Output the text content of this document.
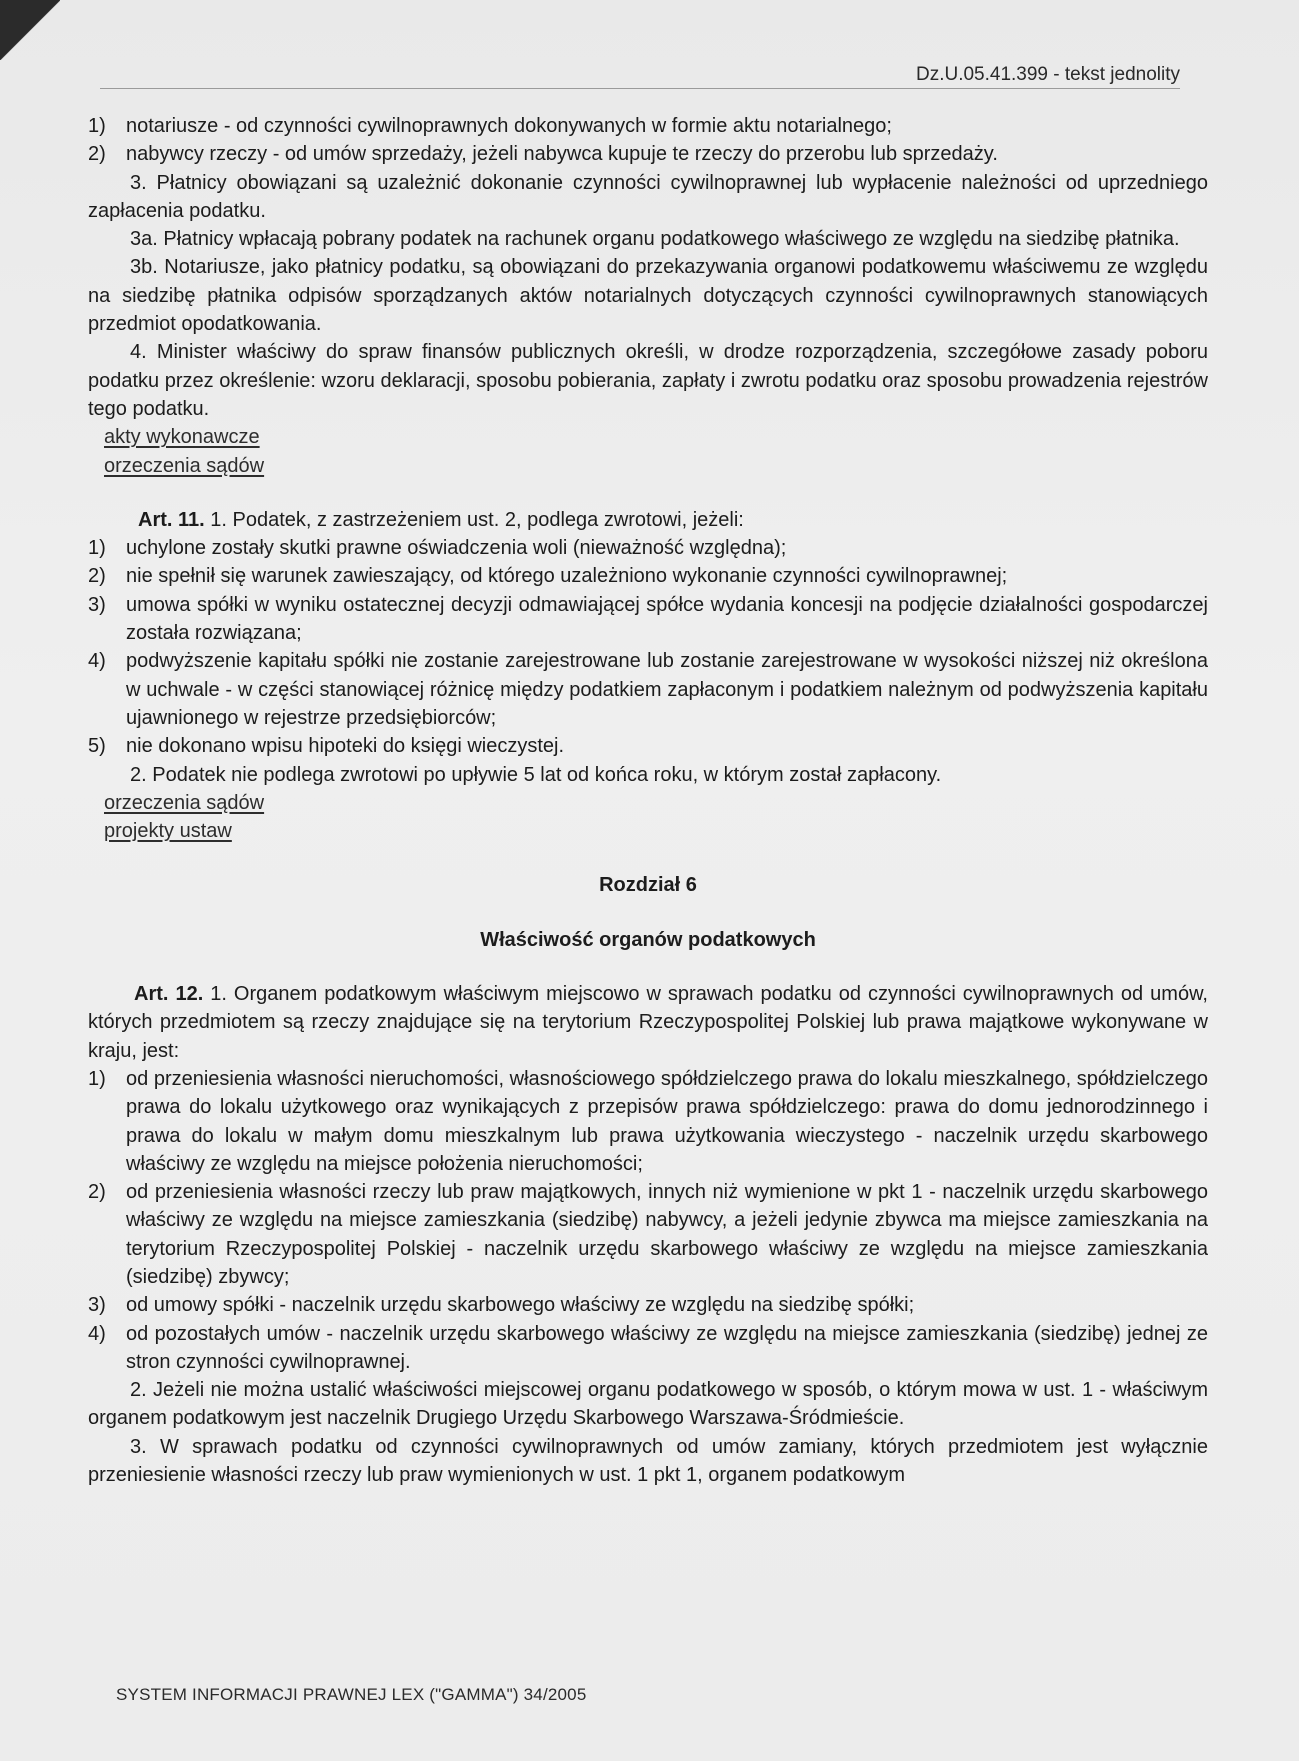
Dz.U.05.41.399 - tekst jednolity
1)	notariusze - od czynności cywilnoprawnych dokonywanych w formie aktu notarialnego;
2)	nabywcy rzeczy - od umów sprzedaży, jeżeli nabywca kupuje te rzeczy do przerobu lub sprzedaży.

3. Płatnicy obowiązani są uzależnić dokonanie czynności cywilnoprawnej lub wypłacenie należności od uprzedniego zapłacenia podatku.

3a. Płatnicy wpłacają pobrany podatek na rachunek organu podatkowego właściwego ze względu na siedzibę płatnika.

3b. Notariusze, jako płatnicy podatku, są obowiązani do przekazywania organowi podatkowemu właściwemu ze względu na siedzibę płatnika odpisów sporządzanych aktów notarialnych dotyczących czynności cywilnoprawnych stanowiących przedmiot opodatkowania.

4. Minister właściwy do spraw finansów publicznych określi, w drodze rozporządzenia, szczegółowe zasady poboru podatku przez określenie: wzoru deklaracji, sposobu pobierania, zapłaty i zwrotu podatku oraz sposobu prowadzenia rejestrów tego podatku.

akty wykonawcze
orzeczenia sądów

Art. 11. 1. Podatek, z zastrzeżeniem ust. 2, podlega zwrotowi, jeżeli:

1)	uchylone zostały skutki prawne oświadczenia woli (nieważność względna);
2)	nie spełnił się warunek zawieszający, od którego uzależniono wykonanie czynności cywilnoprawnej;
3)	umowa spółki w wyniku ostatecznej decyzji odmawiającej spółce wydania koncesji na podjęcie działalności gospodarczej została rozwiązana;
4)	podwyższenie kapitału spółki nie zostanie zarejestrowane lub zostanie zarejestrowane w wysokości niższej niż określona w uchwale - w części stanowiącej różnicę między podatkiem zapłaconym i podatkiem należnym od podwyższenia kapitału ujawnionego w rejestrze przedsiębiorców;
5)	nie dokonano wpisu hipoteki do księgi wieczystej.

2. Podatek nie podlega zwrotowi po upływie 5 lat od końca roku, w którym został zapłacony.

orzeczenia sądów
projekty ustaw

Rozdział 6

Właściwość organów podatkowych

Art. 12. 1. Organem podatkowym właściwym miejscowo w sprawach podatku od czynności cywilnoprawnych od umów, których przedmiotem są rzeczy znajdujące się na terytorium Rzeczypospolitej Polskiej lub prawa majątkowe wykonywane w kraju, jest:

1)	od przeniesienia własności nieruchomości, własnościowego spółdzielczego prawa do lokalu mieszkalnego, spółdzielczego prawa do lokalu użytkowego oraz wynikających z przepisów prawa spółdzielczego: prawa do domu jednorodzinnego i prawa do lokalu w małym domu mieszkalnym lub prawa użytkowania wieczystego - naczelnik urzędu skarbowego właściwy ze względu na miejsce położenia nieruchomości;
2)	od przeniesienia własności rzeczy lub praw majątkowych, innych niż wymienione w pkt 1 - naczelnik urzędu skarbowego właściwy ze względu na miejsce zamieszkania (siedzibę) nabywcy, a jeżeli jedynie zbywca ma miejsce zamieszkania na terytorium Rzeczypospolitej Polskiej - naczelnik urzędu skarbowego właściwy ze względu na miejsce zamieszkania (siedzibę) zbywcy;
3)	od umowy spółki - naczelnik urzędu skarbowego właściwy ze względu na siedzibę spółki;
4)	od pozostałych umów - naczelnik urzędu skarbowego właściwy ze względu na miejsce zamieszkania (siedzibę) jednej ze stron czynności cywilnoprawnej.

2. Jeżeli nie można ustalić właściwości miejscowej organu podatkowego w sposób, o którym mowa w ust. 1 - właściwym organem podatkowym jest naczelnik Drugiego Urzędu Skarbowego Warszawa-Śródmieście.

3. W sprawach podatku od czynności cywilnoprawnych od umów zamiany, których przedmiotem jest wyłącznie przeniesienie własności rzeczy lub praw wymienionych w ust. 1 pkt 1, organem podatkowym

SYSTEM INFORMACJI PRAWNEJ LEX ("GAMMA") 34/2005
